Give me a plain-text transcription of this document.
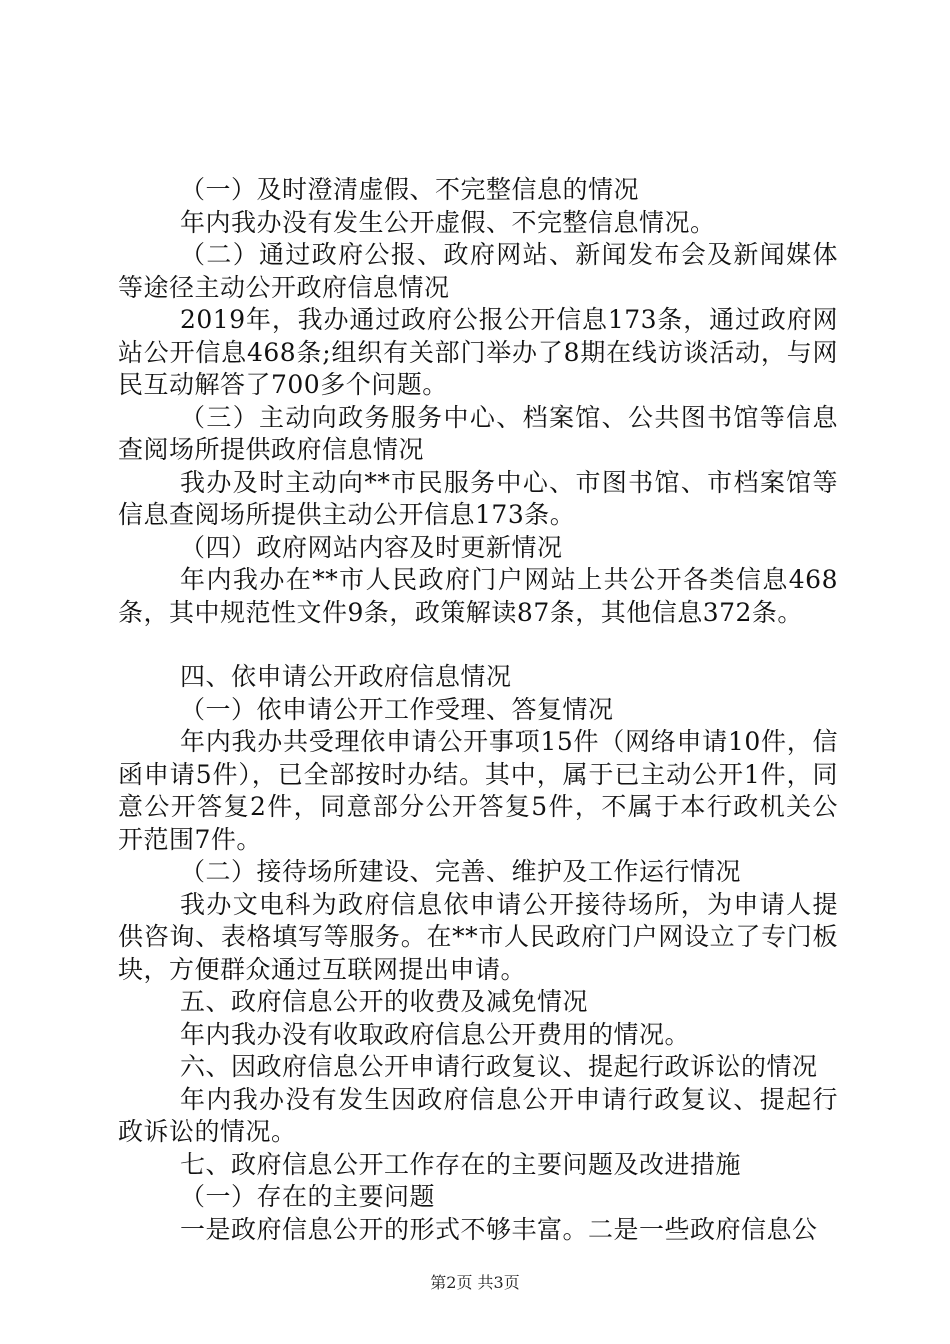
（一）及时澄清虚假、不完整信息的情况

年内我办没有发生公开虚假、不完整信息情况。

（二）通过政府公报、政府网站、新闻发布会及新闻媒体等途径主动公开政府信息情况

2019年，我办通过政府公报公开信息173条，通过政府网站公开信息468条;组织有关部门举办了8期在线访谈活动，与网民互动解答了700多个问题。

（三）主动向政务服务中心、档案馆、公共图书馆等信息查阅场所提供政府信息情况

我办及时主动向**市民服务中心、市图书馆、市档案馆等信息查阅场所提供主动公开信息173条。

（四）政府网站内容及时更新情况

年内我办在**市人民政府门户网站上共公开各类信息468条，其中规范性文件9条，政策解读87条，其他信息372条。

四、依申请公开政府信息情况

（一）依申请公开工作受理、答复情况

年内我办共受理依申请公开事项15件（网络申请10件，信函申请5件），已全部按时办结。其中，属于已主动公开1件，同意公开答复2件，同意部分公开答复5件，不属于本行政机关公开范围7件。

（二）接待场所建设、完善、维护及工作运行情况

我办文电科为政府信息依申请公开接待场所，为申请人提供咨询、表格填写等服务。在**市人民政府门户网设立了专门板块，方便群众通过互联网提出申请。

五、政府信息公开的收费及减免情况

年内我办没有收取政府信息公开费用的情况。

六、因政府信息公开申请行政复议、提起行政诉讼的情况

年内我办没有发生因政府信息公开申请行政复议、提起行政诉讼的情况。

七、政府信息公开工作存在的主要问题及改进措施

（一）存在的主要问题

一是政府信息公开的形式不够丰富。二是一些政府信息公

第2页 共3页
